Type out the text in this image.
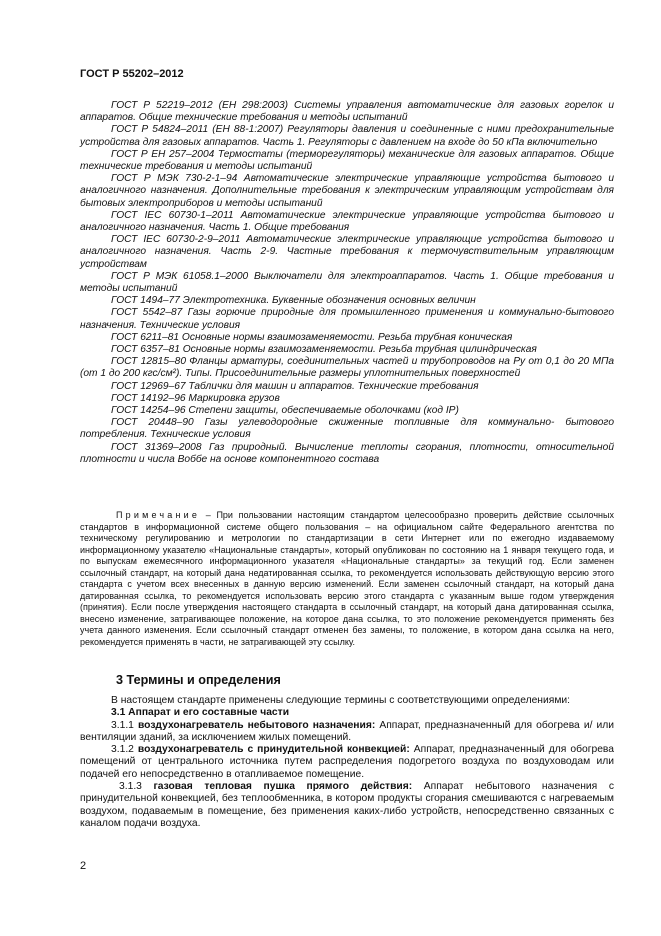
ГОСТ Р 55202–2012

ГОСТ Р 52219–2012 (ЕН 298:2003) Системы управления автоматические для газовых горелок и аппаратов. Общие технические требования и методы испытаний

ГОСТ Р 54824–2011 (ЕН 88-1:2007) Регуляторы давления и соединенные с ними предохранительные устройства для газовых аппаратов. Часть 1. Регуляторы с давлением на входе до 50 кПа включительно

ГОСТ Р ЕН 257–2004 Термостаты (терморегуляторы) механические для газовых аппаратов. Общие технические требования и методы испытаний

ГОСТ Р МЭК 730-2-1–94 Автоматические электрические управляющие устройства бытового и аналогичного назначения. Дополнительные требования к электрическим управляющим устройствам для бытовых электроприборов и методы испытаний

ГОСТ IEC 60730-1–2011 Автоматические электрические управляющие устройства бытового и аналогичного назначения. Часть 1. Общие требования

ГОСТ IEC 60730-2-9–2011 Автоматические электрические управляющие устройства бытового и аналогичного назначения. Часть 2-9. Частные требования к термочувствительным управляющим устройствам

ГОСТ Р МЭК 61058.1–2000 Выключатели для электроаппаратов. Часть 1. Общие требования и методы испытаний

ГОСТ 1494–77 Электротехника. Буквенные обозначения основных величин

ГОСТ 5542–87 Газы горючие природные для промышленного применения и коммунально-бытового назначения. Технические условия

ГОСТ 6211–81 Основные нормы взаимозаменяемости. Резьба трубная коническая

ГОСТ 6357–81 Основные нормы взаимозаменяемости. Резьба трубная цилиндрическая

ГОСТ 12815–80 Фланцы арматуры, соединительных частей и трубопроводов на Ру от 0,1 до 20 МПа (от 1 до 200 кгс/см²). Типы. Присоединительные размеры уплотнительных поверхностей

ГОСТ 12969–67 Таблички для машин и аппаратов. Технические требования

ГОСТ 14192–96 Маркировка грузов

ГОСТ 14254–96 Степени защиты, обеспечиваемые оболочками (код IP)

ГОСТ 20448–90 Газы углеводородные сжиженные топливные для коммунально- бытового потребления. Технические условия

ГОСТ 31369–2008 Газ природный. Вычисление теплоты сгорания, плотности, относительной плотности и числа Воббе на основе компонентного состава

Примечание – При пользовании настоящим стандартом целесообразно проверить действие ссылочных стандартов в информационной системе общего пользования – на официальном сайте Федерального агентства по техническому регулированию и метрологии по стандартизации в сети Интернет или по ежегодно издаваемому информационному указателю «Национальные стандарты», который опубликован по состоянию на 1 января текущего года, и по выпускам ежемесячного информационного указателя «Национальные стандарты» за текущий год. Если заменен ссылочный стандарт, на который дана недатированная ссылка, то рекомендуется использовать действующую версию этого стандарта с учетом всех внесенных в данную версию изменений. Если заменен ссылочный стандарт, на который дана датированная ссылка, то рекомендуется использовать версию этого стандарта с указанным выше годом утверждения (принятия). Если после утверждения настоящего стандарта в ссылочный стандарт, на который дана датированная ссылка, внесено изменение, затрагивающее положение, на которое дана ссылка, то это положение рекомендуется применять без учета данного изменения. Если ссылочный стандарт отменен без замены, то положение, в котором дана ссылка на него, рекомендуется применять в части, не затрагивающей эту ссылку.

3 Термины и определения

В настоящем стандарте применены следующие термины с соответствующими определениями:

3.1 Аппарат и его составные части

3.1.1 воздухонагреватель небытового назначения: Аппарат, предназначенный для обогрева и/ или вентиляции зданий, за исключением жилых помещений.

3.1.2 воздухонагреватель с принудительной конвекцией: Аппарат, предназначенный для обогрева помещений от центрального источника путем распределения подогретого воздуха по воздуховодам или подачей его непосредственно в отапливаемое помещение.

3.1.3 газовая тепловая пушка прямого действия: Аппарат небытового назначения с принудительной конвекцией, без теплообменника, в котором продукты сгорания смешиваются с нагреваемым воздухом, подаваемым в помещение, без применения каких-либо устройств, непосредственно связанных с каналом подачи воздуха.

2
